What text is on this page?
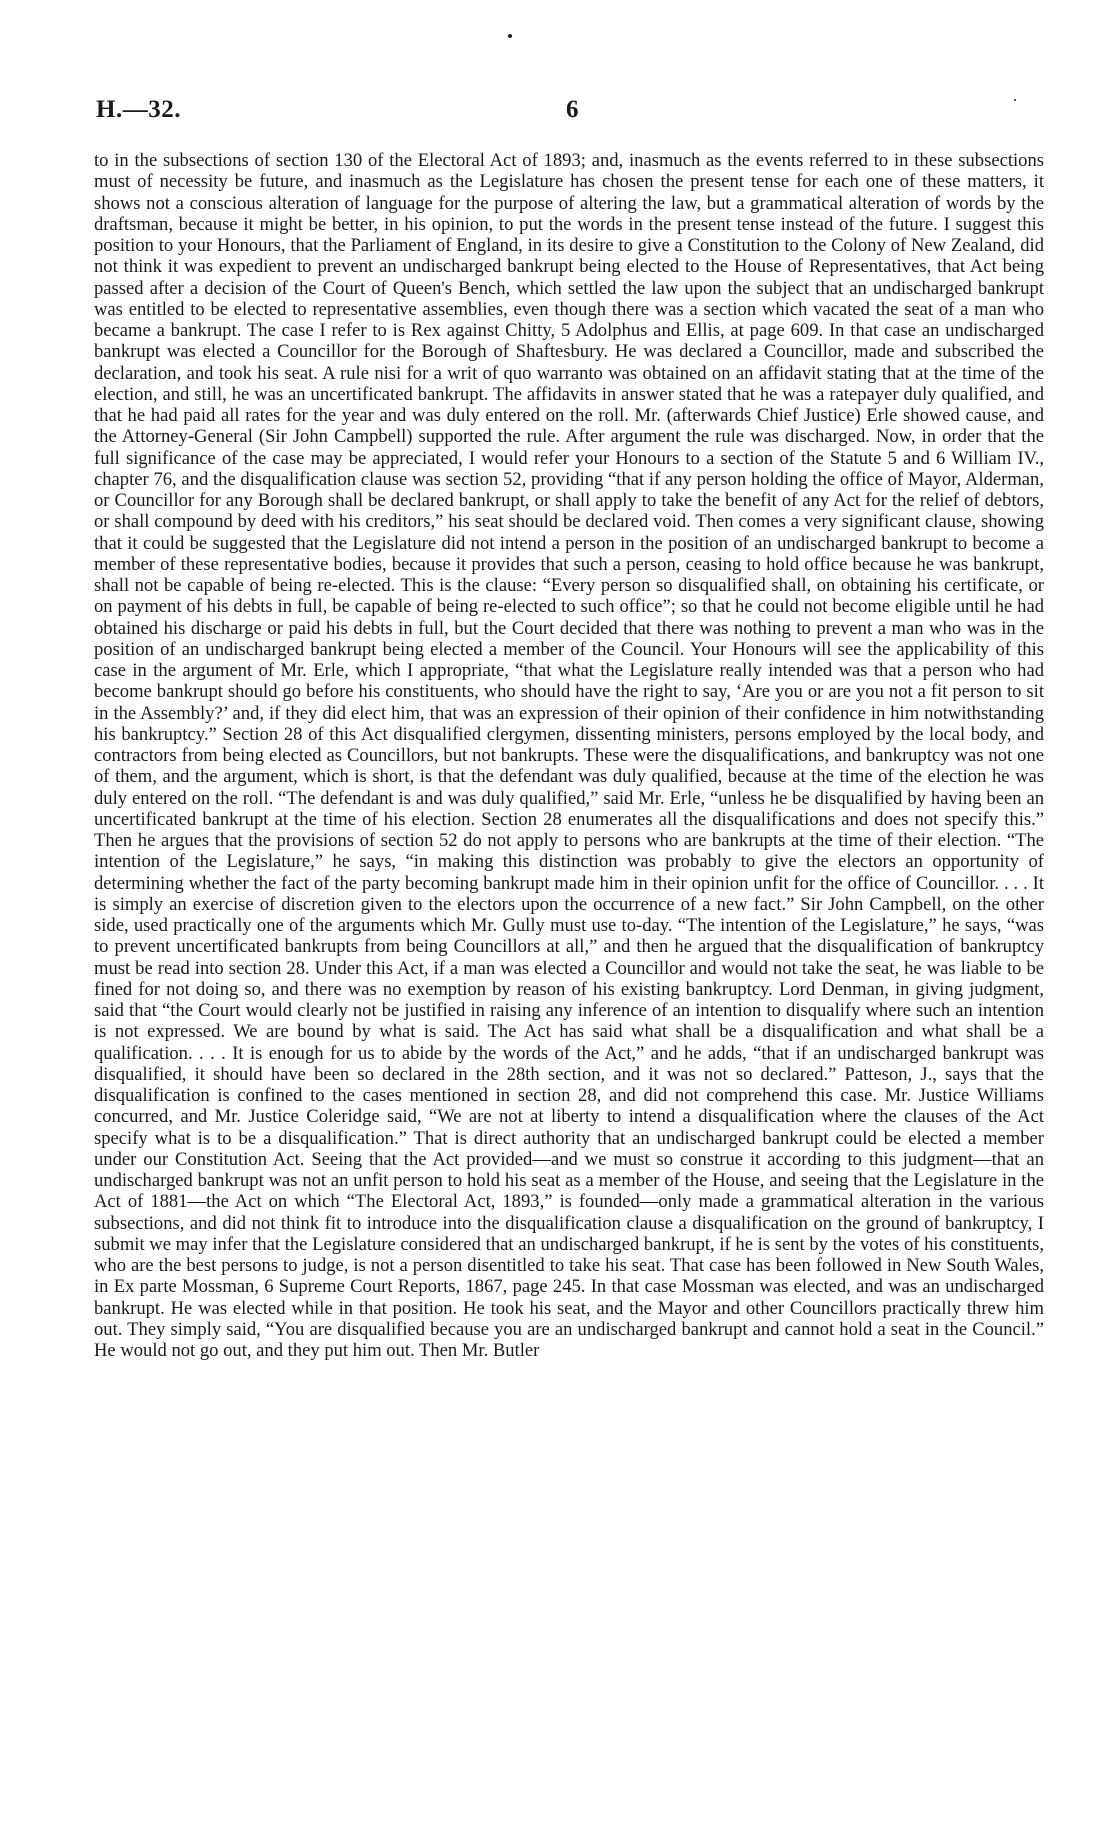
H.—32.	6

to in the subsections of section 130 of the Electoral Act of 1893; and, inasmuch as the events referred to in these subsections must of necessity be future, and inasmuch as the Legislature has chosen the present tense for each one of these matters, it shows not a conscious alteration of language for the purpose of altering the law, but a grammatical alteration of words by the draftsman, because it might be better, in his opinion, to put the words in the present tense instead of the future. I suggest this position to your Honours, that the Parliament of England, in its desire to give a Constitution to the Colony of New Zealand, did not think it was expedient to prevent an undischarged bankrupt being elected to the House of Representatives, that Act being passed after a decision of the Court of Queen's Bench, which settled the law upon the subject that an undischarged bankrupt was entitled to be elected to representative assemblies, even though there was a section which vacated the seat of a man who became a bankrupt. The case I refer to is Rex against Chitty, 5 Adolphus and Ellis, at page 609. In that case an undischarged bankrupt was elected a Councillor for the Borough of Shaftesbury. He was declared a Councillor, made and subscribed the declaration, and took his seat. A rule nisi for a writ of quo warranto was obtained on an affidavit stating that at the time of the election, and still, he was an uncertificated bankrupt. The affidavits in answer stated that he was a ratepayer duly qualified, and that he had paid all rates for the year and was duly entered on the roll. Mr. (afterwards Chief Justice) Erle showed cause, and the Attorney-General (Sir John Campbell) supported the rule. After argument the rule was discharged. Now, in order that the full significance of the case may be appreciated, I would refer your Honours to a section of the Statute 5 and 6 William IV., chapter 76, and the disqualification clause was section 52, providing “that if any person holding the office of Mayor, Alderman, or Councillor for any Borough shall be declared bankrupt, or shall apply to take the benefit of any Act for the relief of debtors, or shall compound by deed with his creditors,” his seat should be declared void. Then comes a very significant clause, showing that it could be suggested that the Legislature did not intend a person in the position of an undischarged bankrupt to become a member of these representative bodies, because it provides that such a person, ceasing to hold office because he was bankrupt, shall not be capable of being re-elected. This is the clause: “Every person so disqualified shall, on obtaining his certificate, or on payment of his debts in full, be capable of being re-elected to such office”; so that he could not become eligible until he had obtained his discharge or paid his debts in full, but the Court decided that there was nothing to prevent a man who was in the position of an undischarged bankrupt being elected a member of the Council. Your Honours will see the applicability of this case in the argument of Mr. Erle, which I appropriate, “that what the Legislature really intended was that a person who had become bankrupt should go before his constituents, who should have the right to say, ‘Are you or are you not a fit person to sit in the Assembly?’ and, if they did elect him, that was an expression of their opinion of their confidence in him notwithstanding his bankruptcy.” Section 28 of this Act disqualified clergymen, dissenting ministers, persons employed by the local body, and contractors from being elected as Councillors, but not bankrupts. These were the disqualifications, and bankruptcy was not one of them, and the argument, which is short, is that the defendant was duly qualified, because at the time of the election he was duly entered on the roll. “The defendant is and was duly qualified,” said Mr. Erle, “unless he be disqualified by having been an uncertificated bankrupt at the time of his election. Section 28 enumerates all the disqualifications and does not specify this.” Then he argues that the provisions of section 52 do not apply to persons who are bankrupts at the time of their election. “The intention of the Legislature,” he says, “in making this distinction was probably to give the electors an opportunity of determining whether the fact of the party becoming bankrupt made him in their opinion unfit for the office of Councillor. . . . It is simply an exercise of discretion given to the electors upon the occurrence of a new fact.” Sir John Campbell, on the other side, used practically one of the arguments which Mr. Gully must use to-day. “The intention of the Legislature,” he says, “was to prevent uncertificated bankrupts from being Councillors at all,” and then he argued that the disqualification of bankruptcy must be read into section 28. Under this Act, if a man was elected a Councillor and would not take the seat, he was liable to be fined for not doing so, and there was no exemption by reason of his existing bankruptcy. Lord Denman, in giving judgment, said that “the Court would clearly not be justified in raising any inference of an intention to disqualify where such an intention is not expressed. We are bound by what is said. The Act has said what shall be a disqualification and what shall be a qualification. . . . It is enough for us to abide by the words of the Act,” and he adds, “that if an undischarged bankrupt was disqualified, it should have been so declared in the 28th section, and it was not so declared.” Patteson, J., says that the disqualification is confined to the cases mentioned in section 28, and did not comprehend this case. Mr. Justice Williams concurred, and Mr. Justice Coleridge said, “We are not at liberty to intend a disqualification where the clauses of the Act specify what is to be a disqualification.” That is direct authority that an undischarged bankrupt could be elected a member under our Constitution Act. Seeing that the Act provided—and we must so construe it according to this judgment—that an undischarged bankrupt was not an unfit person to hold his seat as a member of the House, and seeing that the Legislature in the Act of 1881—the Act on which “The Electoral Act, 1893,” is founded—only made a grammatical alteration in the various subsections, and did not think fit to introduce into the disqualification clause a disqualification on the ground of bankruptcy, I submit we may infer that the Legislature considered that an undischarged bankrupt, if he is sent by the votes of his constituents, who are the best persons to judge, is not a person disentitled to take his seat. That case has been followed in New South Wales, in Ex parte Mossman, 6 Supreme Court Reports, 1867, page 245. In that case Mossman was elected, and was an undischarged bankrupt. He was elected while in that position. He took his seat, and the Mayor and other Councillors practically threw him out. They simply said, “You are disqualified because you are an undischarged bankrupt and cannot hold a seat in the Council.” He would not go out, and they put him out. Then Mr. Butler
